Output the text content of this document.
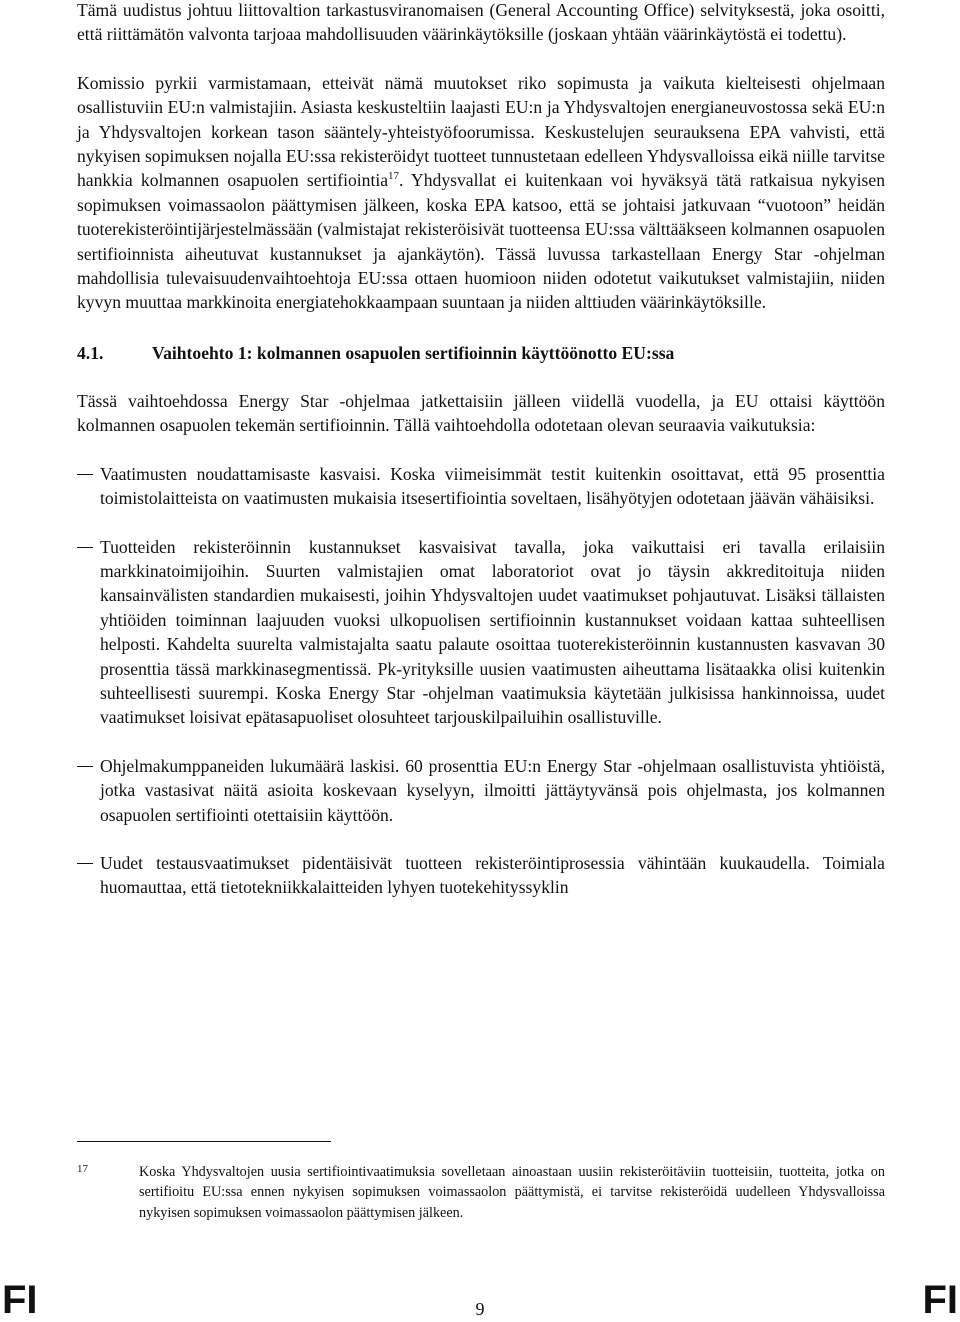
Tämä uudistus johtuu liittovaltion tarkastusviranomaisen (General Accounting Office) selvityksestä, joka osoitti, että riittämätön valvonta tarjoaa mahdollisuuden väärinkäytöksille (joskaan yhtään väärinkäytöstä ei todettu).

Komissio pyrkii varmistamaan, etteivät nämä muutokset riko sopimusta ja vaikuta kielteisesti ohjelmaan osallistuviin EU:n valmistajiin. Asiasta keskusteltiin laajasti EU:n ja Yhdysvaltojen energianeuvostossa sekä EU:n ja Yhdysvaltojen korkean tason sääntely-yhteistyöfoorumissa. Keskustelujen seurauksena EPA vahvisti, että nykyisen sopimuksen nojalla EU:ssa rekisteröidyt tuotteet tunnustetaan edelleen Yhdysvalloissa eikä niille tarvitse hankkia kolmannen osapuolen sertifiointia$^{17}$. Yhdysvallat ei kuitenkaan voi hyväksyä tätä ratkaisua nykyisen sopimuksen voimassaolon päättymisen jälkeen, koska EPA katsoo, että se johtaisi jatkuvaan “vuotoon” heidän tuoterekisteröintijärjestelmässään (valmistajat rekisteröisivät tuotteensa EU:ssa välttääkseen kolmannen osapuolen sertifioinnista aiheutuvat kustannukset ja ajankäytön). Tässä luvussa tarkastellaan Energy Star -ohjelman mahdollisia tulevaisuudenvaihtoehtoja EU:ssa ottaen huomioon niiden odotetut vaikutukset valmistajiin, niiden kyvyn muuttaa markkinoita energiatehokkaampaan suuntaan ja niiden alttiuden väärinkäytöksille.

4.1.	Vaihtoehto 1: kolmannen osapuolen sertifioinnin käyttöönotto EU:ssa

Tässä vaihtoehdossa Energy Star -ohjelmaa jatkettaisiin jälleen viidellä vuodella, ja EU ottaisi käyttöön kolmannen osapuolen tekemän sertifioinnin. Tällä vaihtoehdolla odotetaan olevan seuraavia vaikutuksia:

Vaatimusten noudattamisaste kasvaisi. Koska viimeisimmät testit kuitenkin osoittavat, että 95 prosenttia toimistolaitteista on vaatimusten mukaisia itsesertifiointia soveltaen, lisähyötyjen odotetaan jäävän vähäisiksi.
Tuotteiden rekisteröinnin kustannukset kasvaisivat tavalla, joka vaikuttaisi eri tavalla erilaisiin markkinatoimijoihin. Suurten valmistajien omat laboratoriot ovat jo täysin akkreditoituja niiden kansainvälisten standardien mukaisesti, joihin Yhdysvaltojen uudet vaatimukset pohjautuvat. Lisäksi tällaisten yhtiöiden toiminnan laajuuden vuoksi ulkopuolisen sertifioinnin kustannukset voidaan kattaa suhteellisen helposti. Kahdelta suurelta valmistajalta saatu palaute osoittaa tuoterekisteröinnin kustannusten kasvavan 30 prosenttia tässä markkinasegmentissä. Pk-yrityksille uusien vaatimusten aiheuttama lisätaakka olisi kuitenkin suhteellisesti suurempi. Koska Energy Star -ohjelman vaatimuksia käytetään julkisissa hankinnoissa, uudet vaatimukset loisivat epätasapuoliset olosuhteet tarjouskilpailuihin osallistuville.
Ohjelmakumppaneiden lukumäärä laskisi. 60 prosenttia EU:n Energy Star -ohjelmaan osallistuvista yhtiöistä, jotka vastasivat näitä asioita koskevaan kyselyyn, ilmoitti jättäytyvänsä pois ohjelmasta, jos kolmannen osapuolen sertifiointi otettaisiin käyttöön.
Uudet testausvaatimukset pidentäisivät tuotteen rekisteröintiprosessia vähintään kuukaudella. Toimiala huomauttaa, että tietotekniikkalaitteiden lyhyen tuotekehityssyklin
17	Koska Yhdysvaltojen uusia sertifiointivaatimuksia sovelletaan ainoastaan uusiin rekisteröitäviin tuotteisiin, tuotteita, jotka on sertifioitu EU:ssa ennen nykyisen sopimuksen voimassaolon päättymistä, ei tarvitse rekisteröidä uudelleen Yhdysvalloissa nykyisen sopimuksen voimassaolon päättymisen jälkeen.
FI	9	FI
